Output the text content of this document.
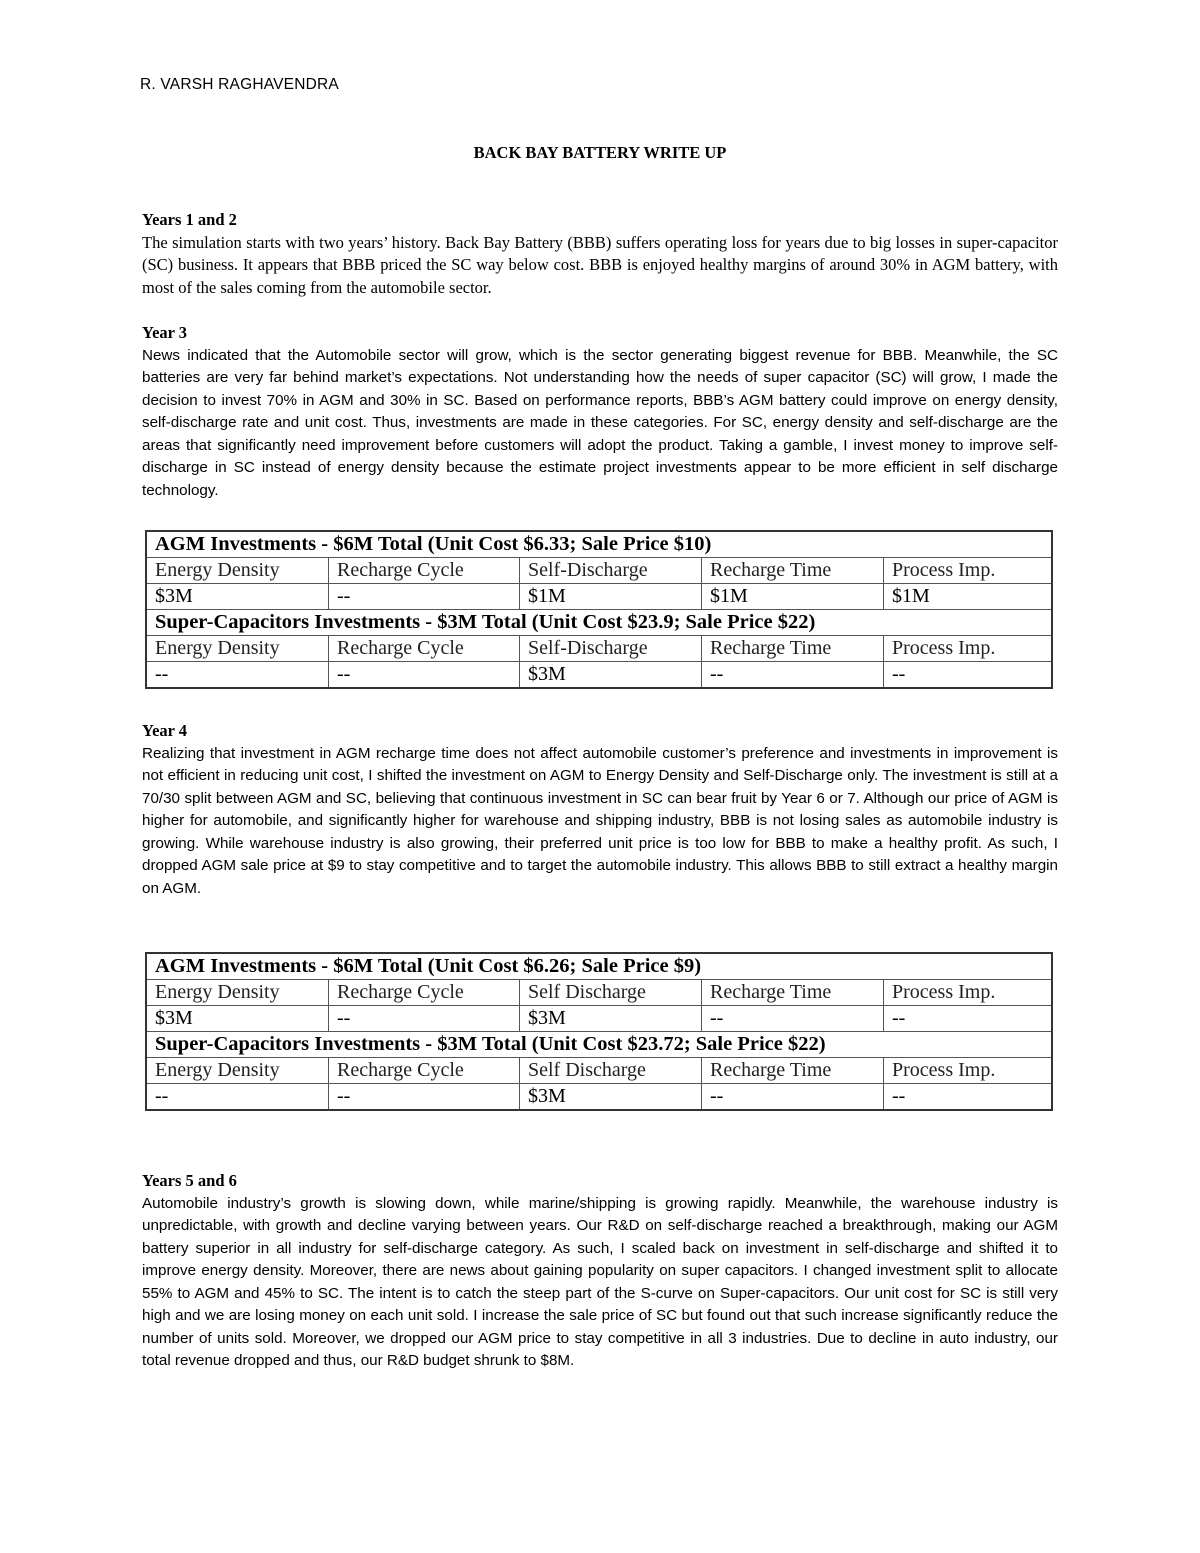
R. VARSH RAGHAVENDRA
BACK BAY BATTERY WRITE UP
Years 1 and 2

The simulation starts with two years’ history. Back Bay Battery (BBB) suffers operating loss for years due to big losses in super-capacitor (SC) business. It appears that BBB priced the SC way below cost. BBB is enjoyed healthy margins of around 30% in AGM battery, with most of the sales coming from the automobile sector.

Year 3

News indicated that the Automobile sector will grow, which is the sector generating biggest revenue for BBB. Meanwhile, the SC batteries are very far behind market’s expectations. Not understanding how the needs of super capacitor (SC) will grow, I made the decision to invest 70% in AGM and 30% in SC. Based on performance reports, BBB’s AGM battery could improve on energy density, self-discharge rate and unit cost. Thus, investments are made in these categories. For SC, energy density and self-discharge are the areas that significantly need improvement before customers will adopt the product. Taking a gamble, I invest money to improve self-discharge in SC instead of energy density because the estimate project investments appear to be more efficient in self discharge technology.

AGM Investments - $6M Total (Unit Cost $6.33; Sale Price $10)				
Energy Density	Recharge Cycle	Self-Discharge	Recharge Time	Process Imp.
$3M	--	$1M	$1M	$1M
Super-Capacitors Investments - $3M Total (Unit Cost $23.9; Sale Price $22)				
Energy Density	Recharge Cycle	Self-Discharge	Recharge Time	Process Imp.
--	--	$3M	--	--
Year 4

Realizing that investment in AGM recharge time does not affect automobile customer’s preference and investments in improvement is not efficient in reducing unit cost, I shifted the investment on AGM to Energy Density and Self-Discharge only. The investment is still at a 70/30 split between AGM and SC, believing that continuous investment in SC can bear fruit by Year 6 or 7. Although our price of AGM is higher for automobile, and significantly higher for warehouse and shipping industry, BBB is not losing sales as automobile industry is growing. While warehouse industry is also growing, their preferred unit price is too low for BBB to make a healthy profit. As such, I dropped AGM sale price at $9 to stay competitive and to target the automobile industry. This allows BBB to still extract a healthy margin on AGM.

AGM Investments - $6M Total (Unit Cost $6.26; Sale Price $9)				
Energy Density	Recharge Cycle	Self Discharge	Recharge Time	Process Imp.
$3M	--	$3M	--	--
Super-Capacitors Investments - $3M Total (Unit Cost $23.72; Sale Price $22)				
Energy Density	Recharge Cycle	Self Discharge	Recharge Time	Process Imp.
--	--	$3M	--	--
Years 5 and 6

Automobile industry’s growth is slowing down, while marine/shipping is growing rapidly. Meanwhile, the warehouse industry is unpredictable, with growth and decline varying between years. Our R&D on self-discharge reached a breakthrough, making our AGM battery superior in all industry for self-discharge category. As such, I scaled back on investment in self-discharge and shifted it to improve energy density. Moreover, there are news about gaining popularity on super capacitors. I changed investment split to allocate 55% to AGM and 45% to SC. The intent is to catch the steep part of the S-curve on Super-capacitors. Our unit cost for SC is still very high and we are losing money on each unit sold. I increase the sale price of SC but found out that such increase significantly reduce the number of units sold. Moreover, we dropped our AGM price to stay competitive in all 3 industries. Due to decline in auto industry, our total revenue dropped and thus, our R&D budget shrunk to $8M.
